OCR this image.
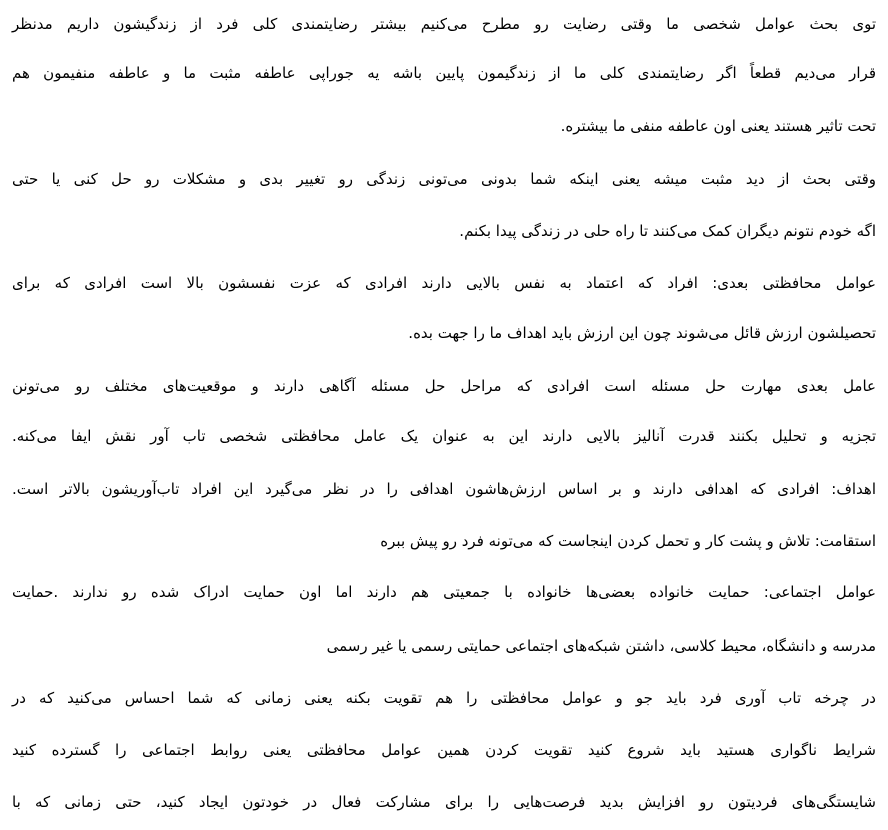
توی بحث عوامل شخصی ما وقتی رضایت رو مطرح می‌کنیم بیشتر رضایتمندی کلی فرد از زندگیشون داریم مدنظر
قرار می‌دیم قطعاً اگر رضایتمندی کلی ما از زندگیمون پایین باشه یه جوراپی عاطفه مثبت ما و عاطفه منفیمون هم
تحت تاثیر هستند یعنی اون عاطفه منفی ما بیشتره.
وقتی بحث از دید مثبت میشه یعنی اینکه شما بدونی می‌تونی زندگی رو تغییر بدی و مشکلات رو حل کنی یا حتی
اگه خودم نتونم دیگران کمک می‌کنند تا راه حلی در زندگی پیدا بکنم.
عوامل محافظتی بعدی: افراد که اعتماد به نفس بالایی دارند افرادی که عزت نفسشون بالا است افرادی که برای
تحصیلشون ارزش قائل می‌شوند چون این ارزش باید اهداف ما را جهت بده.
عامل بعدی مهارت حل مسئله است افرادی که مراحل حل مسئله آگاهی دارند و موقعیت‌های مختلف رو می‌تونن
تجزیه و تحلیل بکنند قدرت آنالیز بالایی دارند این به عنوان یک عامل محافظتی شخصی تاب آور نقش ایفا می‌کنه.
اهداف: افرادی که اهدافی دارند و بر اساس ارزش‌هاشون اهدافی را در نظر می‌گیرد این افراد تاب‌آوریشون بالاتر است.
استقامت: تلاش و پشت کار و تحمل کردن اینجاست که می‌تونه فرد رو پیش ببره
عوامل اجتماعی: حمایت خانواده بعضی‌ها خانواده با جمعیتی هم دارند اما اون حمایت ادراک شده رو ندارند .حمایت
مدرسه و دانشگاه، محیط کلاسی، داشتن شبکه‌های اجتماعی حمایتی رسمی یا غیر رسمی
در چرخه تاب آوری فرد باید جو و عوامل محافظتی را هم تقویت بکنه یعنی زمانی که شما احساس می‌کنید که در
شرایط ناگواری هستید باید شروع کنید تقویت کردن همین عوامل محافظتی یعنی روابط اجتماعی را گسترده کنید
شایستگی‌های فردیتون رو افزایش بدید فرصت‌هایی را برای مشارکت فعال در خودتون ایجاد کنید، حتی زمانی که با
